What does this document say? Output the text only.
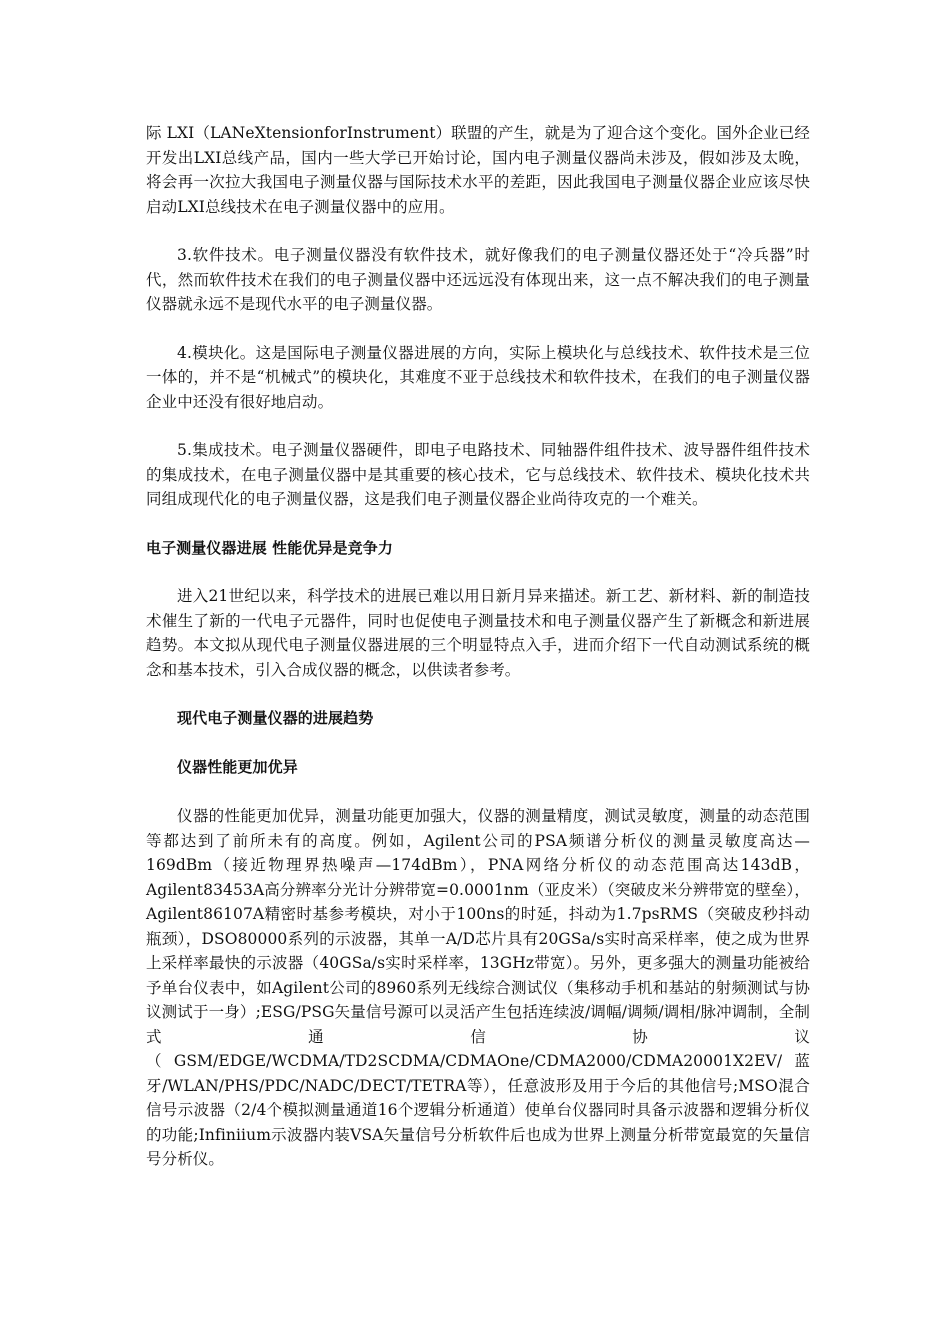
际 LXI（LANeXtensionforInstrument）联盟的产生，就是为了迎合这个变化。国外企业已经开发出LXI总线产品，国内一些大学已开始讨论，国内电子测量仪器尚未涉及，假如涉及太晚，将会再一次拉大我国电子测量仪器与国际技术水平的差距，因此我国电子测量仪器企业应该尽快启动LXI总线技术在电子测量仪器中的应用。

3.软件技术。电子测量仪器没有软件技术，就好像我们的电子测量仪器还处于“冷兵器”时代，然而软件技术在我们的电子测量仪器中还远远没有体现出来，这一点不解决我们的电子测量仪器就永远不是现代水平的电子测量仪器。

4.模块化。这是国际电子测量仪器进展的方向，实际上模块化与总线技术、软件技术是三位一体的，并不是“机械式”的模块化，其难度不亚于总线技术和软件技术，在我们的电子测量仪器企业中还没有很好地启动。

5.集成技术。电子测量仪器硬件，即电子电路技术、同轴器件组件技术、波导器件组件技术的集成技术，在电子测量仪器中是其重要的核心技术，它与总线技术、软件技术、模块化技术共同组成现代化的电子测量仪器，这是我们电子测量仪器企业尚待攻克的一个难关。

电子测量仪器进展 性能优异是竞争力

进入21世纪以来，科学技术的进展已难以用日新月异来描述。新工艺、新材料、新的制造技术催生了新的一代电子元器件，同时也促使电子测量技术和电子测量仪器产生了新概念和新进展趋势。本文拟从现代电子测量仪器进展的三个明显特点入手，进而介绍下一代自动测试系统的概念和基本技术，引入合成仪器的概念，以供读者参考。

现代电子测量仪器的进展趋势
仪器性能更加优异

仪器的性能更加优异，测量功能更加强大，仪器的测量精度，测试灵敏度，测量的动态范围等都达到了前所未有的高度。例如，Agilent公司的PSA频谱分析仪的测量灵敏度高达—169dBm（接近物理界热噪声—174dBm），PNA网络分析仪的动态范围高达143dB，Agilent83453A高分辨率分光计分辨带宽=0.0001nm（亚皮米）（突破皮米分辨带宽的壁垒），Agilent86107A精密时基参考模块，对小于100ns的时延，抖动为1.7psRMS（突破皮秒抖动瓶颈），DSO80000系列的示波器，其单一A/D芯片具有20GSa/s实时高采样率，使之成为世界上采样率最快的示波器（40GSa/s实时采样率，13GHz带宽）。另外，更多强大的测量功能被给予单台仪表中，如Agilent公司的8960系列无线综合测试仪（集移动手机和基站的射频测试与协议测试于一身）;ESG/PSG矢量信号源可以灵活产生包括连续波/调幅/调频/调相/脉冲调制，全制式通信协议（GSM/EDGE/WCDMA/TD2SCDMA/CDMAOne/CDMA2000/CDMA20001X2EV/蓝牙/WLAN/PHS/PDC/NADC/DECT/TETRA等），任意波形及用于今后的其他信号;MSO混合信号示波器（2/4个模拟测量通道16个逻辑分析通道）使单台仪器同时具备示波器和逻辑分析仪的功能;Infiniium示波器内装VSA矢量信号分析软件后也成为世界上测量分析带宽最宽的矢量信号分析仪。
